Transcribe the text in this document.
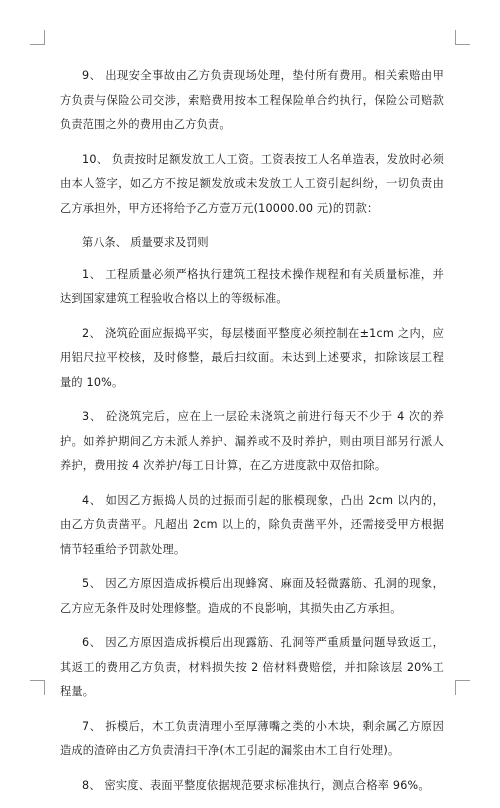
9、 出现安全事故由乙方负责现场处理，垫付所有费用。相关索赔由甲方负责与保险公司交涉，索赔费用按本工程保险单合约执行，保险公司赔款负责范围之外的费用由乙方负责。

10、 负责按时足额发放工人工资。工资表按工人名单造表，发放时必须由本人签字，如乙方不按足额发放或未发放工人工资引起纠纷，一切负责由乙方承担外，甲方还将给予乙方壹万元(10000.00 元)的罚款：

第八条、 质量要求及罚则

1、 工程质量必须严格执行建筑工程技术操作规程和有关质量标准，并达到国家建筑工程验收合格以上的等级标准。

2、 浇筑砼面应振捣平实，每层楼面平整度必须控制在±1cm 之内，应用铝尺拉平校核，及时修整，最后扫纹面。未达到上述要求，扣除该层工程量的 10%。

3、 砼浇筑完后，应在上一层砼未浇筑之前进行每天不少于 4 次的养护。如养护期间乙方未派人养护、漏养或不及时养护，则由项目部另行派人养护，费用按 4 次养护/每工日计算，在乙方进度款中双倍扣除。

4、 如因乙方振捣人员的过振而引起的胀模现象，凸出 2cm 以内的，由乙方负责凿平。凡超出 2cm 以上的，除负责凿平外，还需接受甲方根据情节轻重给予罚款处理。

5、 因乙方原因造成拆模后出现蜂窝、麻面及轻微露筋、孔洞的现象，乙方应无条件及时处理修整。造成的不良影响，其损失由乙方承担。

6、 因乙方原因造成拆模后出现露筋、孔洞等严重质量问题导致返工，其返工的费用乙方负责，材料损失按 2 倍材料费赔偿，并扣除该层 20%工程量。

7、 拆模后，木工负责清理小至厚薄嘴之类的小木块，剩余属乙方原因造成的渣碎由乙方负责清扫干净(木工引起的漏浆由木工自行处理)。

8、 密实度、表面平整度依据规范要求标准执行，测点合格率 96%。
